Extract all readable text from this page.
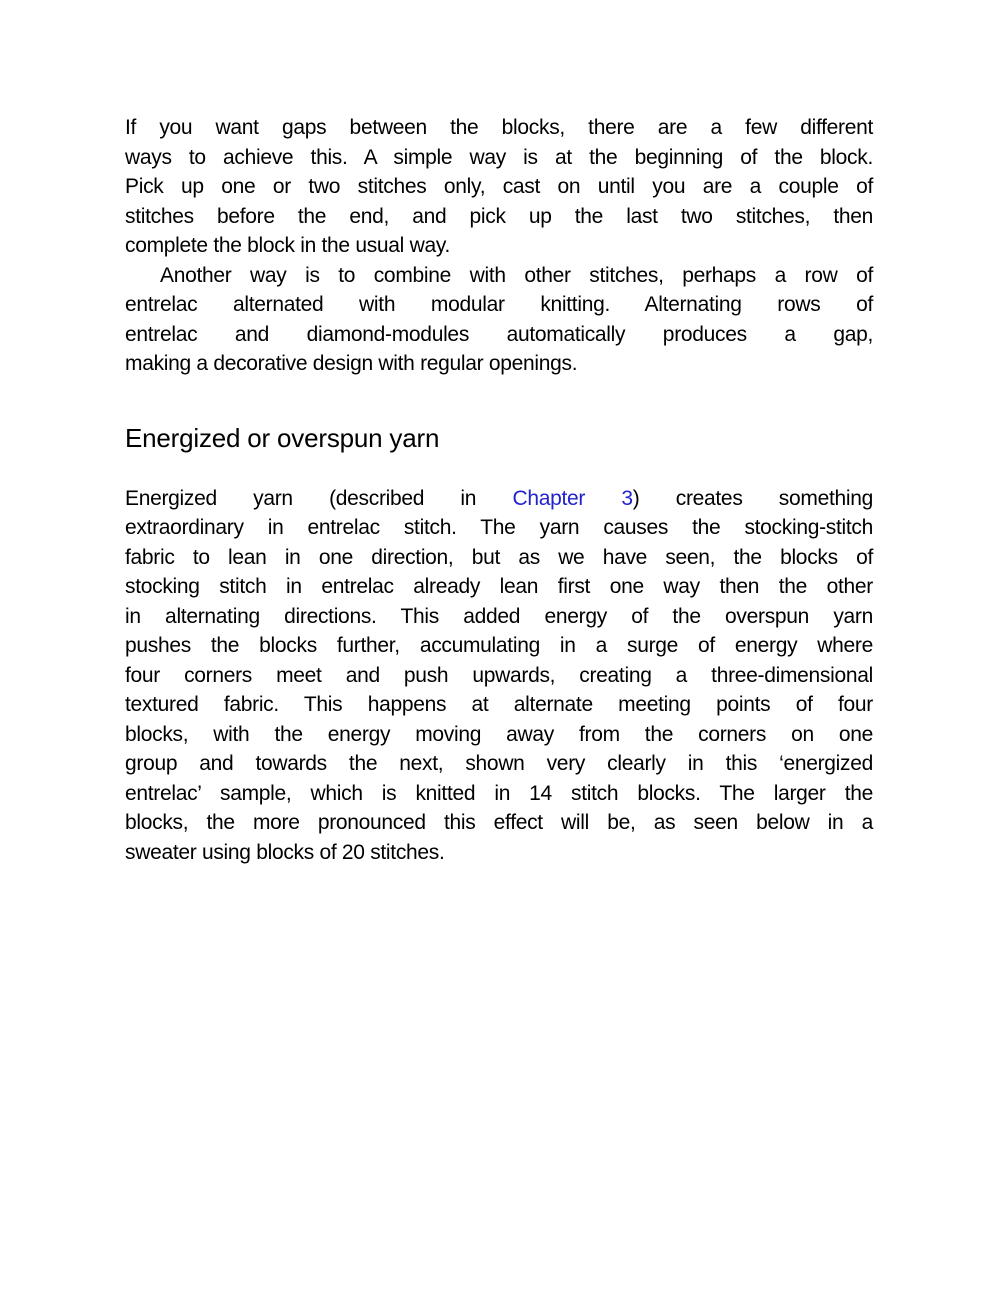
If you want gaps between the blocks, there are a few different
ways to achieve this. A simple way is at the beginning of the block.
Pick up one or two stitches only, cast on until you are a couple of
stitches before the end, and pick up the last two stitches, then
complete the block in the usual way.
Another way is to combine with other stitches, perhaps a row of
entrelac alternated with modular knitting. Alternating rows of
entrelac and diamond-modules automatically produces a gap,
making a decorative design with regular openings.
Energized or overspun yarn
Energized yarn (described in Chapter 3) creates something
extraordinary in entrelac stitch. The yarn causes the stocking-stitch
fabric to lean in one direction, but as we have seen, the blocks of
stocking stitch in entrelac already lean first one way then the other
in alternating directions. This added energy of the overspun yarn
pushes the blocks further, accumulating in a surge of energy where
four corners meet and push upwards, creating a three-dimensional
textured fabric. This happens at alternate meeting points of four
blocks, with the energy moving away from the corners on one
group and towards the next, shown very clearly in this ‘energized
entrelac’ sample, which is knitted in 14 stitch blocks. The larger the
blocks, the more pronounced this effect will be, as seen below in a
sweater using blocks of 20 stitches.
